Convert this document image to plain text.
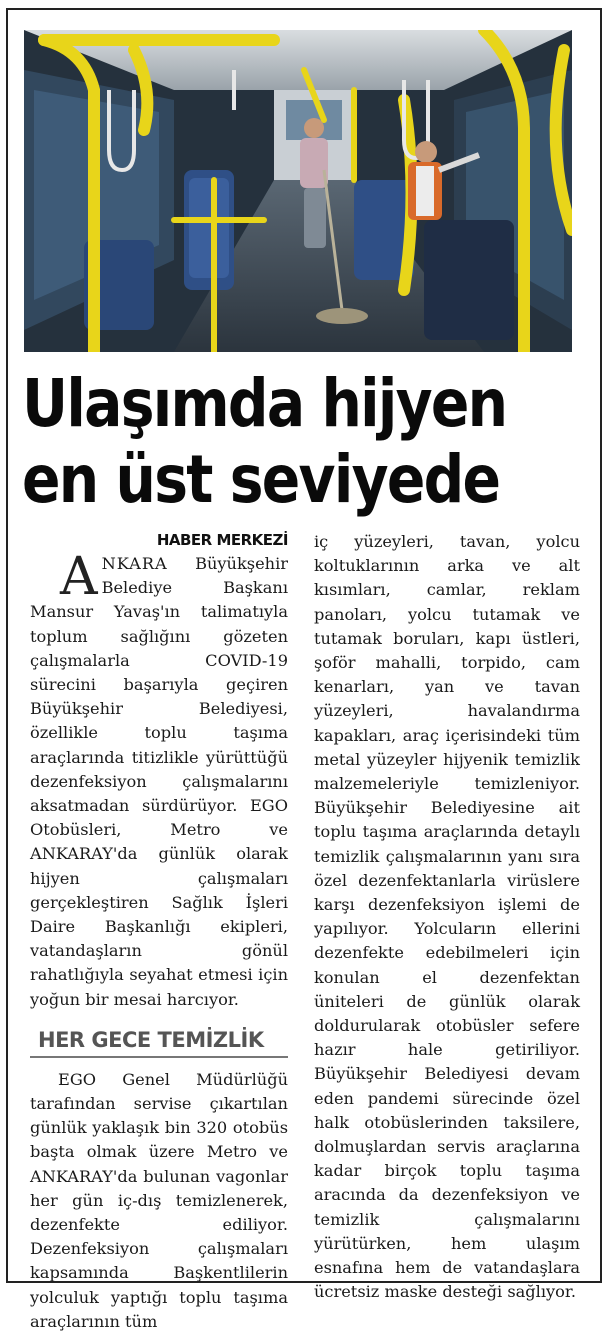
Ulaşımda hijyen
en üst seviyede
HABER MERKEZİ
ANKARA Büyükşehir Belediye Başkanı Mansur Yavaş'ın talimatıyla toplum sağlığını gözeten çalışmalarla COVID-19 sürecini başarıyla geçiren Büyükşehir Belediyesi, özellikle toplu taşıma araçlarında titizlikle yürüttüğü dezenfeksiyon çalışmalarını aksatmadan sürdürüyor. EGO Otobüsleri, Metro ve ANKARAY'da günlük olarak hijyen çalışmaları gerçekleştiren Sağlık İşleri Daire Başkanlığı ekipleri, vatandaşların gönül rahatlığıyla seyahat etmesi için yoğun bir mesai harcıyor.
HER GECE TEMİZLİK

EGO Genel Müdürlüğü tarafından servise çıkartılan günlük yaklaşık bin 320 otobüs başta olmak üzere Metro ve ANKARAY'da bulunan vagonlar her gün iç-dış temizlenerek, dezenfekte ediliyor. Dezenfeksiyon çalışmaları kapsamında Başkentlilerin yolculuk yaptığı toplu taşıma araçlarının tüm

iç yüzeyleri, tavan, yolcu koltuklarının arka ve alt kısımları, camlar, reklam panoları, yolcu tutamak ve tutamak boruları, kapı üstleri, şoför mahalli, torpido, cam kenarları, yan ve tavan yüzeyleri, havalandırma kapakları, araç içerisindeki tüm metal yüzeyler hijyenik temizlik malzemeleriyle temizleniyor. Büyükşehir Belediyesine ait toplu taşıma araçlarında detaylı temizlik çalışmalarının yanı sıra özel dezenfektanlarla virüslere karşı dezenfeksiyon işlemi de yapılıyor. Yolcuların ellerini dezenfekte edebilmeleri için konulan el dezenfektan üniteleri de günlük olarak doldurularak otobüsler sefere hazır hale getiriliyor. Büyükşehir Belediyesi devam eden pandemi sürecinde özel halk otobüslerinden taksilere, dolmuşlardan servis araçlarına kadar birçok toplu taşıma aracında da dezenfeksiyon ve temizlik çalışmalarını yürütürken, hem ulaşım esnafına hem de vatandaşlara ücretsiz maske desteği sağlıyor.
